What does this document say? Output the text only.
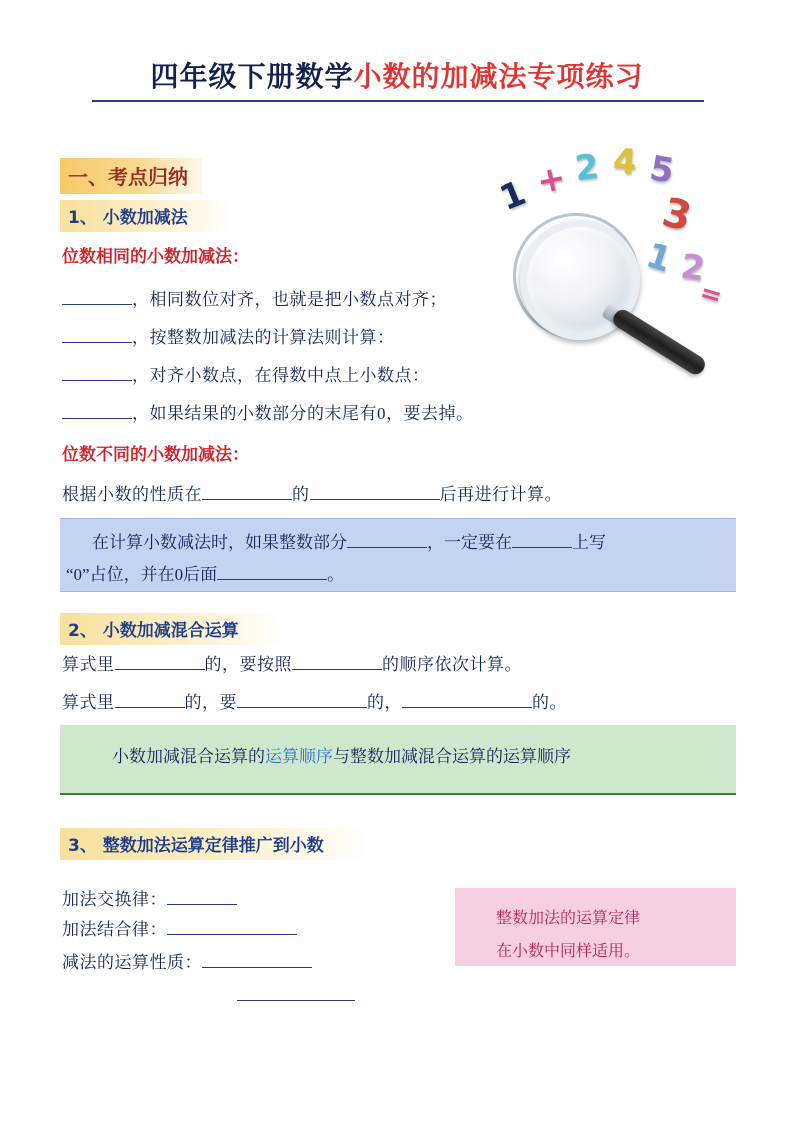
四年级下册数学小数的加减法专项练习
1 + 2 4 5
3
1 2
=
一、考点归纳
1、 小数加减法
位数相同的小数加减法：
，相同数位对齐，也就是把小数点对齐；
，按整数加减法的计算法则计算：
，对齐小数点，在得数中点上小数点：
，如果结果的小数部分的末尾有0，要去掉。
位数不同的小数加减法：
根据小数的性质在	的	后再进行计算。
在计算小数减法时，如果整数部分	，一定要在	上写
“0”占位，并在0后面	。
2、 小数加减混合运算
算式里	的，要按照	的顺序依次计算。
算式里	的，要	的，	的。
小数加减混合运算的运算顺序与整数加减混合运算的运算顺序
3、 整数加法运算定律推广到小数
加法交换律：
加法结合律：
减法的运算性质：
整数加法的运算定律
在小数中同样适用。
